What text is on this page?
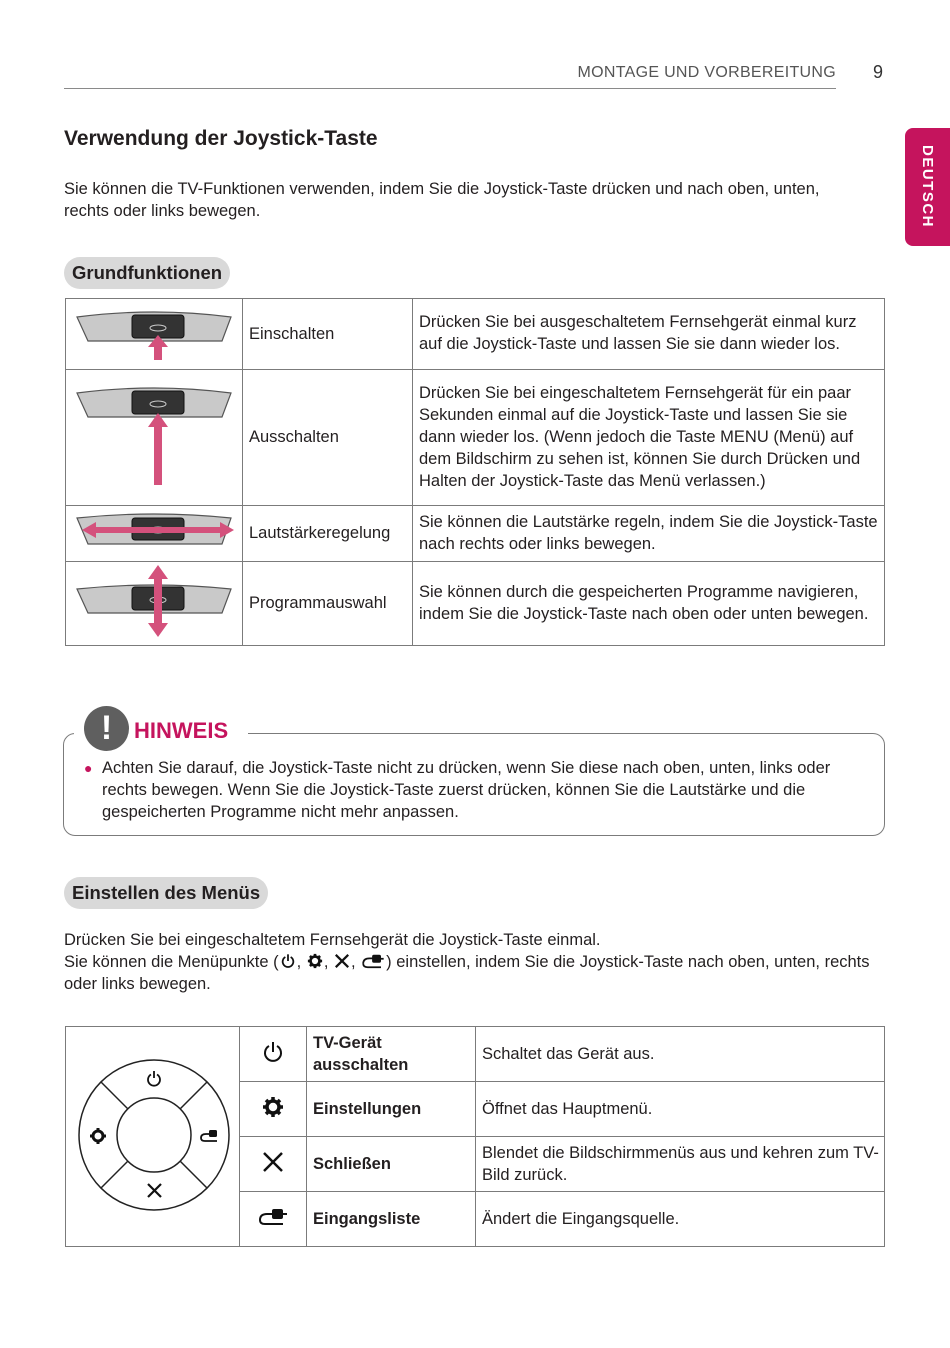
MONTAGE UND VORBEREITUNG 9
DEUTSCH
Verwendung der Joystick-Taste

Sie können die TV-Funktionen verwenden, indem Sie die Joystick-Taste drücken und nach oben, unten, rechts oder links bewegen.

Grundfunktionen
	Einschalten	Drücken Sie bei ausgeschaltetem Fernsehgerät einmal kurz auf die Joystick-Taste und lassen Sie sie dann wieder los.
	Ausschalten	Drücken Sie bei eingeschaltetem Fernsehgerät für ein paar Sekunden einmal auf die Joystick-Taste und lassen Sie sie dann wieder los. (Wenn jedoch die Taste MENU (Menü) auf dem Bildschirm zu sehen ist, können Sie durch Drücken und Halten der Joystick-Taste das Menü verlassen.)
	Lautstärkeregelung	Sie können die Lautstärke regeln, indem Sie die Joystick-Taste nach rechts oder links bewegen.
	Programmauswahl	Sie können durch die gespeicherten Programme navigieren, indem Sie die Joystick-Taste nach oben oder unten bewegen.
! HINWEIS
● Achten Sie darauf, die Joystick-Taste nicht zu drücken, wenn Sie diese nach oben, unten, links oder rechts bewegen. Wenn Sie die Joystick-Taste zuerst drücken, können Sie die Lautstärke und die gespeicherten Programme nicht mehr anpassen.

Einstellen des Menüs
Drücken Sie bei eingeschaltetem Fernsehgerät die Joystick-Taste einmal.
Sie können die Menüpunkte ( , , , ) einstellen, indem Sie die Joystick-Taste nach oben, unten, rechts oder links bewegen.
		TV-Gerät ausschalten	Schaltet das Gerät aus.
	Einstellungen	Öffnet das Hauptmenü.
	Schließen	Blendet die Bildschirmmenüs aus und kehren zum TV-Bild zurück.
	Eingangsliste	Ändert die Eingangsquelle.
